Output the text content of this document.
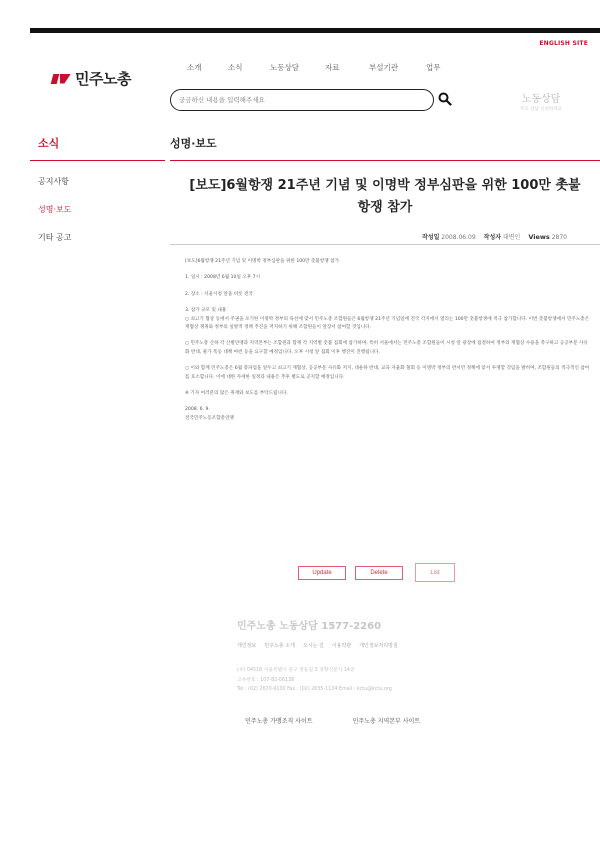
ENGLISH SITE
민주노총
소개	소식	노동상담	자료	부설기관	업무
궁금하신 내용을 입력해주세요
노동상담
무료 상담 신청하세요
소식
공지사항
성명·보도
기타 공고
성명·보도
[보도]6월항쟁 21주년 기념 및 이명박 정부심판을 위한 100만 촛불항쟁 참가
작성일 2008.06.09 작성자 대변인 Views 2870

[보도]6월항쟁 21주년 기념 및 이명박 정부심판을 위한 100만 촛불항쟁 참가

1. 일시 : 2008년 6월 10일 오후 7시

2. 장소 : 서울시청 앞을 비롯 전국

3. 참가 규모 및 내용
○ 쇠고기 협상 등에서 주권을 포기한 이명박 정부의 독선에 맞서 민주노총 조합원들은 6월항쟁 21주년 기념일에 전국 각지에서 열리는 100만 촛불항쟁에 적극 참가합니다. 이번 촛불항쟁에서 민주노총은 재협상 쟁취와 정부의 일방적 정책 추진을 저지하기 위해 조합원들이 앞장서 참여할 것입니다.

○ 민주노총 산하 각 산별연맹과 지역본부는 조합원과 함께 각 지역별 촛불 집회에 참가하며, 특히 서울에서는 민주노총 조합원들이 시청 앞 광장에 집결하여 정부의 재협상 수용을 촉구하고 공공부문 사유화 반대, 물가 폭등 대책 마련 등을 요구할 예정입니다. 오후 시청 앞 집회 이후 행진이 진행됩니다.

○ 이와 함께 민주노총은 6월 총파업을 앞두고 쇠고기 재협상, 공공부문 사유화 저지, 대운하 반대, 교육 자율화 철회 등 이명박 정부의 반서민 정책에 맞서 투쟁할 것임을 밝히며, 조합원들의 적극적인 참여를 호소합니다. 이에 대한 자세한 일정과 내용은 추후 별도로 공지할 예정입니다.

※ 기자 여러분의 많은 취재와 보도를 부탁드립니다.

2008. 6. 9.
전국민주노동조합총연맹

Update	Delete	List
민주노총 노동상담 1577-2260
개인정보 민주노총 소개 오시는 길 이용약관 개인정보처리방침
(우) 04518 서울특별시 중구 정동길 3 경향신문사 14층
고유번호 : 107-82-06138
Tel : (02) 2670-9100 Fax : (02) 2635-1134 Email : kctu@kctu.org
민주노총 가맹조직 사이트	민주노총 지역본부 사이트
